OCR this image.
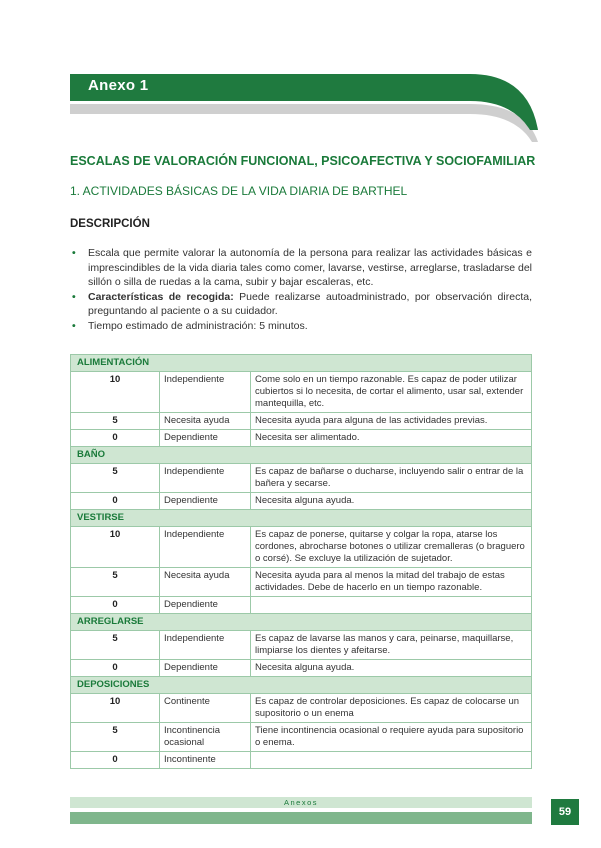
Anexo 1
ESCALAS DE VALORACIÓN FUNCIONAL, PSICOAFECTIVA Y SOCIOFAMILIAR
1. ACTIVIDADES BÁSICAS DE LA VIDA DIARIA DE BARTHEL
DESCRIPCIÓN
• Escala que permite valorar la autonomía de la persona para realizar las actividades básicas e imprescindibles de la vida diaria tales como comer, lavarse, vestirse, arreglarse, trasladarse del sillón o silla de ruedas a la cama, subir y bajar escaleras, etc.
• Características de recogida: Puede realizarse autoadministrado, por observación directa, preguntando al paciente o a su cuidador.
• Tiempo estimado de administración: 5 minutos.
ALIMENTACIÓN		
10	Independiente	Come solo en un tiempo razonable. Es capaz de poder utilizar cubiertos si lo necesita, de cortar el alimento, usar sal, extender mantequilla, etc.
5	Necesita ayuda	Necesita ayuda para alguna de las actividades previas.
0	Dependiente	Necesita ser alimentado.
BAÑO		
5	Independiente	Es capaz de bañarse o ducharse, incluyendo salir o entrar de la bañera y secarse.
0	Dependiente	Necesita alguna ayuda.
VESTIRSE		
10	Independiente	Es capaz de ponerse, quitarse y colgar la ropa, atarse los cordones, abrocharse botones o utilizar cremalleras (o braguero o corsé). Se excluye la utilización de sujetador.
5	Necesita ayuda	Necesita ayuda para al menos la mitad del trabajo de estas actividades. Debe de hacerlo en un tiempo razonable.
0	Dependiente	
ARREGLARSE		
5	Independiente	Es capaz de lavarse las manos y cara, peinarse, maquillarse, limpiarse los dientes y afeitarse.
0	Dependiente	Necesita alguna ayuda.
DEPOSICIONES		
10	Continente	Es capaz de controlar deposiciones. Es capaz de colocarse un supositorio o un enema
5	Incontinencia ocasional	Tiene incontinencia ocasional o requiere ayuda para supositorio o enema.
0	Incontinente	
Anexos
59
